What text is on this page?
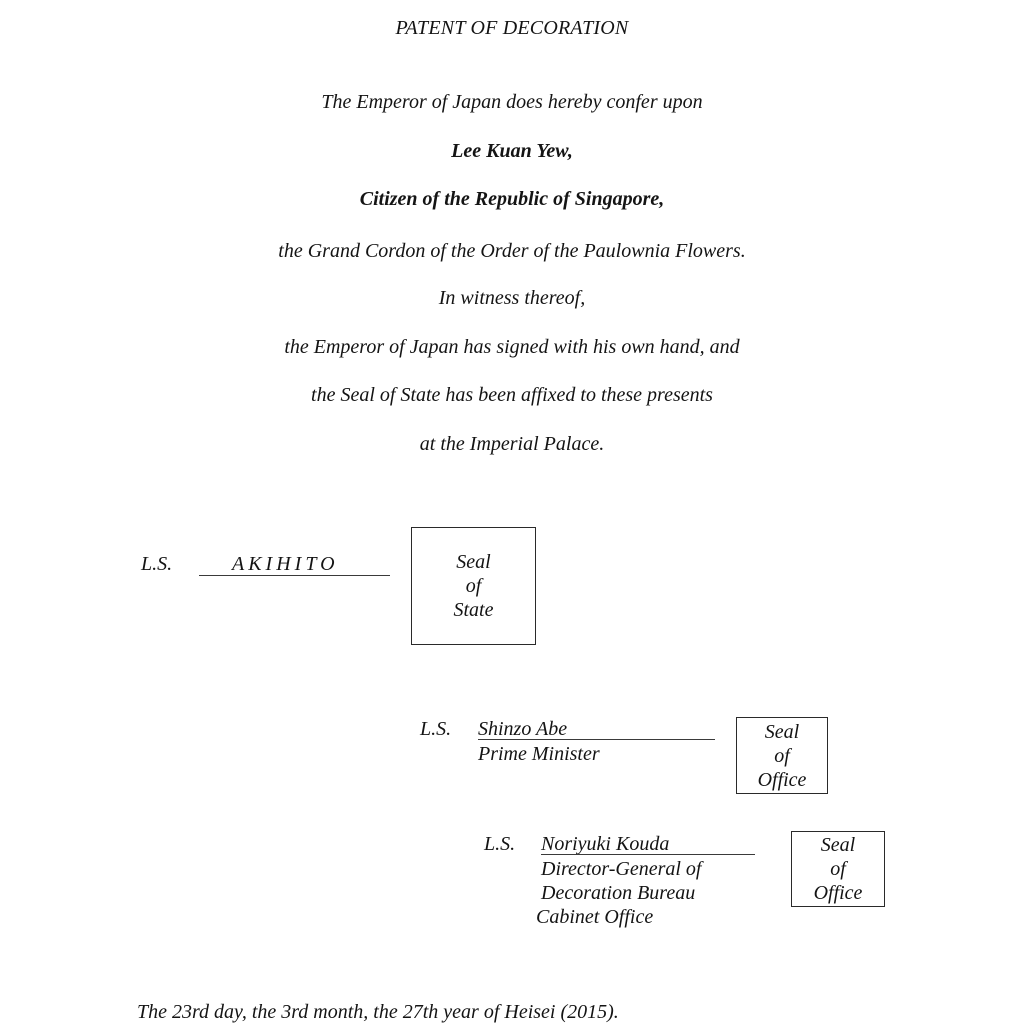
PATENT OF DECORATION
The Emperor of Japan does hereby confer upon
Lee Kuan Yew,
Citizen of the Republic of Singapore,
the Grand Cordon of the Order of the Paulownia Flowers.
In witness thereof,
the Emperor of Japan has signed with his own hand, and
the Seal of State has been affixed to these presents
at the Imperial Palace.
L.S.	AKIHITO	Seal
of
State
L.S. Shinzo Abe
Prime Minister
Seal
of
Office
L.S. Noriyuki Kouda
Director-General of
Decoration Bureau
Cabinet Office
Seal
of
Office
The 23rd day, the 3rd month, the 27th year of Heisei (2015).
